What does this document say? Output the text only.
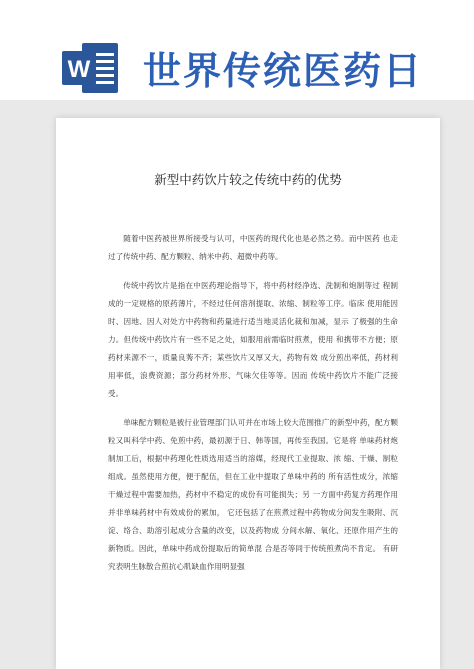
W 世界传统医药日
新型中药饮片较之传统中药的优势

随着中医药被世界所接受与认可，中医药的现代化也是必然之势。而中医药 也走过了传统中药、配方颗粒、纳米中药、超微中药等。

传统中药饮片是指在中医药理论指导下，将中药材经净选、洗制和炮制等过 程制成的一定规格的原药薄片，不经过任何溶剂提取、浓缩、制粒等工序。临床 使用能因时、因地、因人对处方中药物和药量进行适当地灵活化裁和加减，显示 了极强的生命力。但传统中药饮片有一些不足之处，如服用前需临时煎煮，使用 和携带不方便；原药材来源不一，质量良莠不齐；某些饮片又厚又大，药物有效 成分煎出率低，药材利用率低，浪费资源；部分药材外形、气味欠佳等等。因而 传统中药饮片不能广泛接受。

单味配方颗粒是被行业管理部门认可并在市场上较大范围推广的新型中药，配方颗粒又叫科学中药、免煎中药，最初源于日、韩等国，再传至我国。它是将 单味药材炮制加工后，根据中药理化性质选用适当的溶媒，经现代工业提取、浓 缩、干燥、制粒组成。虽然使用方便，便于配伍，但在工业中提取了单味中药的 所有活性成分，浓缩干燥过程中需要加热，药材中不稳定的成份有可能损失；另 一方面中药复方药理作用并非单味药材中有效成份的累加， 它还包括了在煎煮过程中药物成分间发生吸附、沉淀、络合、助溶引起成分含量的改变，以及药物成 分间水解、氧化、还原作用产生的新物质。因此，单味中药成份提取后的简单混 合是否等同于传统煎煮尚不肯定。 有研究表明生脉散合煎抗心肌缺血作用明显强
